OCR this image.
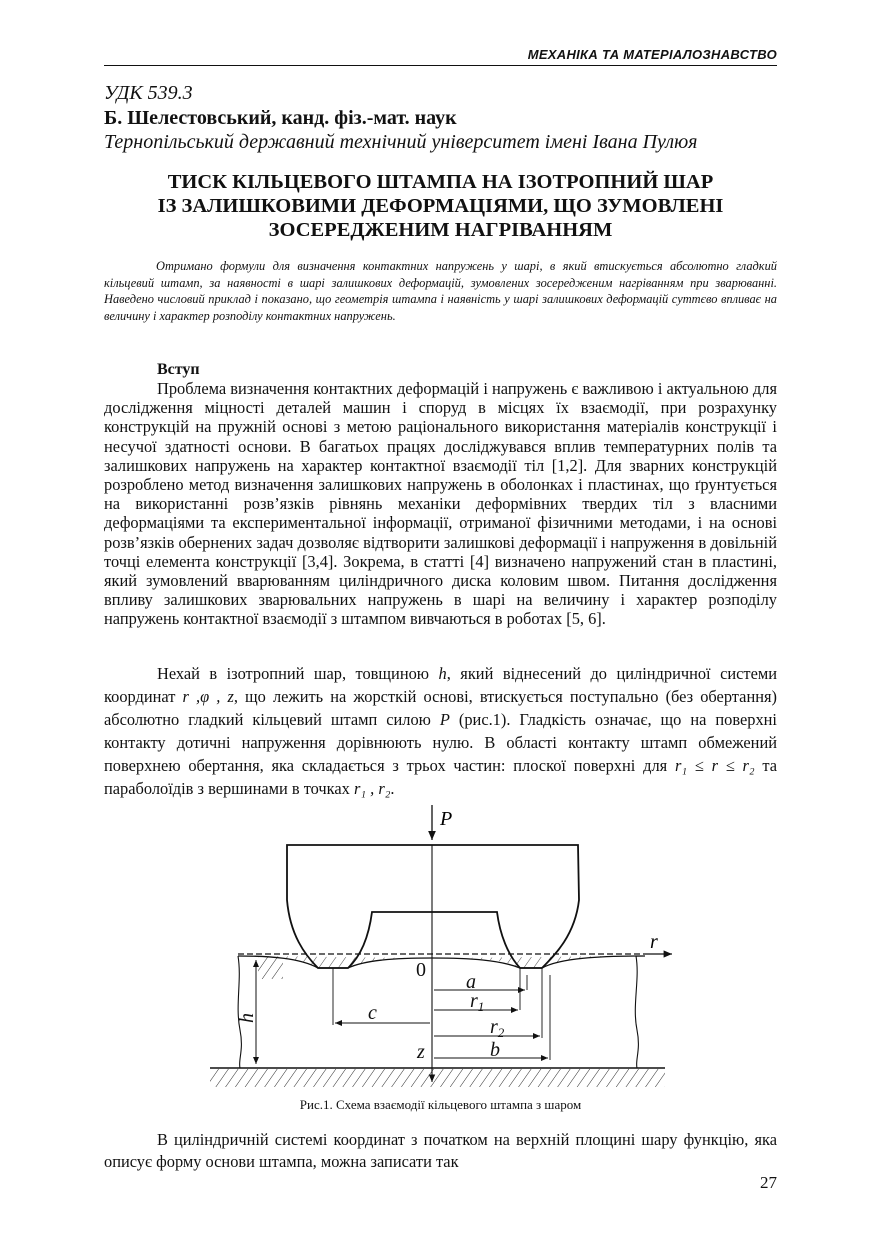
МЕХАНІКА ТА МАТЕРІАЛОЗНАВСТВО
УДК 539.3
Б. Шелестовський, канд. фіз.-мат. наук
Тернопільський державний технічний університет імені Івана Пулюя
ТИСК КІЛЬЦЕВОГО ШТАМПА НА ІЗОТРОПНИЙ ШАР
ІЗ ЗАЛИШКОВИМИ ДЕФОРМАЦІЯМИ, ЩО ЗУМОВЛЕНІ
ЗОСЕРЕДЖЕНИМ НАГРІВАННЯМ
Отримано формули для визначення контактних напружень у шарі, в який втискується абсолютно гладкий кільцевий штамп, за наявності в шарі залишкових деформацій, зумовлених зосередженим нагріванням при зварюванні. Наведено числовий приклад і показано, що геометрія штампа і наявність у шарі залишкових деформацій суттєво впливає на величину і характер розподілу контактних напружень.
Вступ
Проблема визначення контактних деформацій і напружень є важливою і актуальною для дослідження міцності деталей машин і споруд в місцях їх взаємодії, при розрахунку конструкцій на пружній основі з метою раціонального використання матеріалів конструкції і несучої здатності основи. В багатьох працях досліджувався вплив температурних полів та залишкових напружень на характер контактної взаємодії тіл [1,2]. Для зварних конструкцій розроблено метод визначення залишкових напружень в оболонках і пластинах, що ґрунтується на використанні розв’язків рівнянь механіки деформівних твердих тіл з власними деформаціями та експериментальної інформації, отриманої фізичними методами, і на основі розв’язків обернених задач дозволяє відтворити залишкові деформації і напруження в довільній точці елемента конструкції [3,4]. Зокрема, в статті [4] визначено напружений стан в пластині, який зумовлений вварюванням циліндричного диска коловим швом. Питання дослідження впливу залишкових зварювальних напружень в шарі на величину і характер розподілу напружень контактної взаємодії з штампом вивчаються в роботах [5, 6].
Нехай в ізотропний шар, товщиною h, який віднесений до циліндричної системи координат r ,φ , z, що лежить на жорсткій основі, втискується поступально (без обертання) абсолютно гладкий кільцевий штамп силою P (рис.1). Гладкість означає, що на поверхні контакту дотичні напруження дорівнюють нулю. В області контакту штамп обмежений поверхнею обертання, яка складається з трьох частин: плоскої поверхні для r₁ ≤ r ≤ r₂ та параболоїдів з вершинами в точках r₁ , r₂.
P
r
0
a
$r_1$
c
$r_2$
z	b
h
Рис.1. Схема взаємодії кільцевого штампа з шаром
В циліндричній системі координат з початком на верхній площині шару функцію, яка описує форму основи штампа, можна записати так
27
